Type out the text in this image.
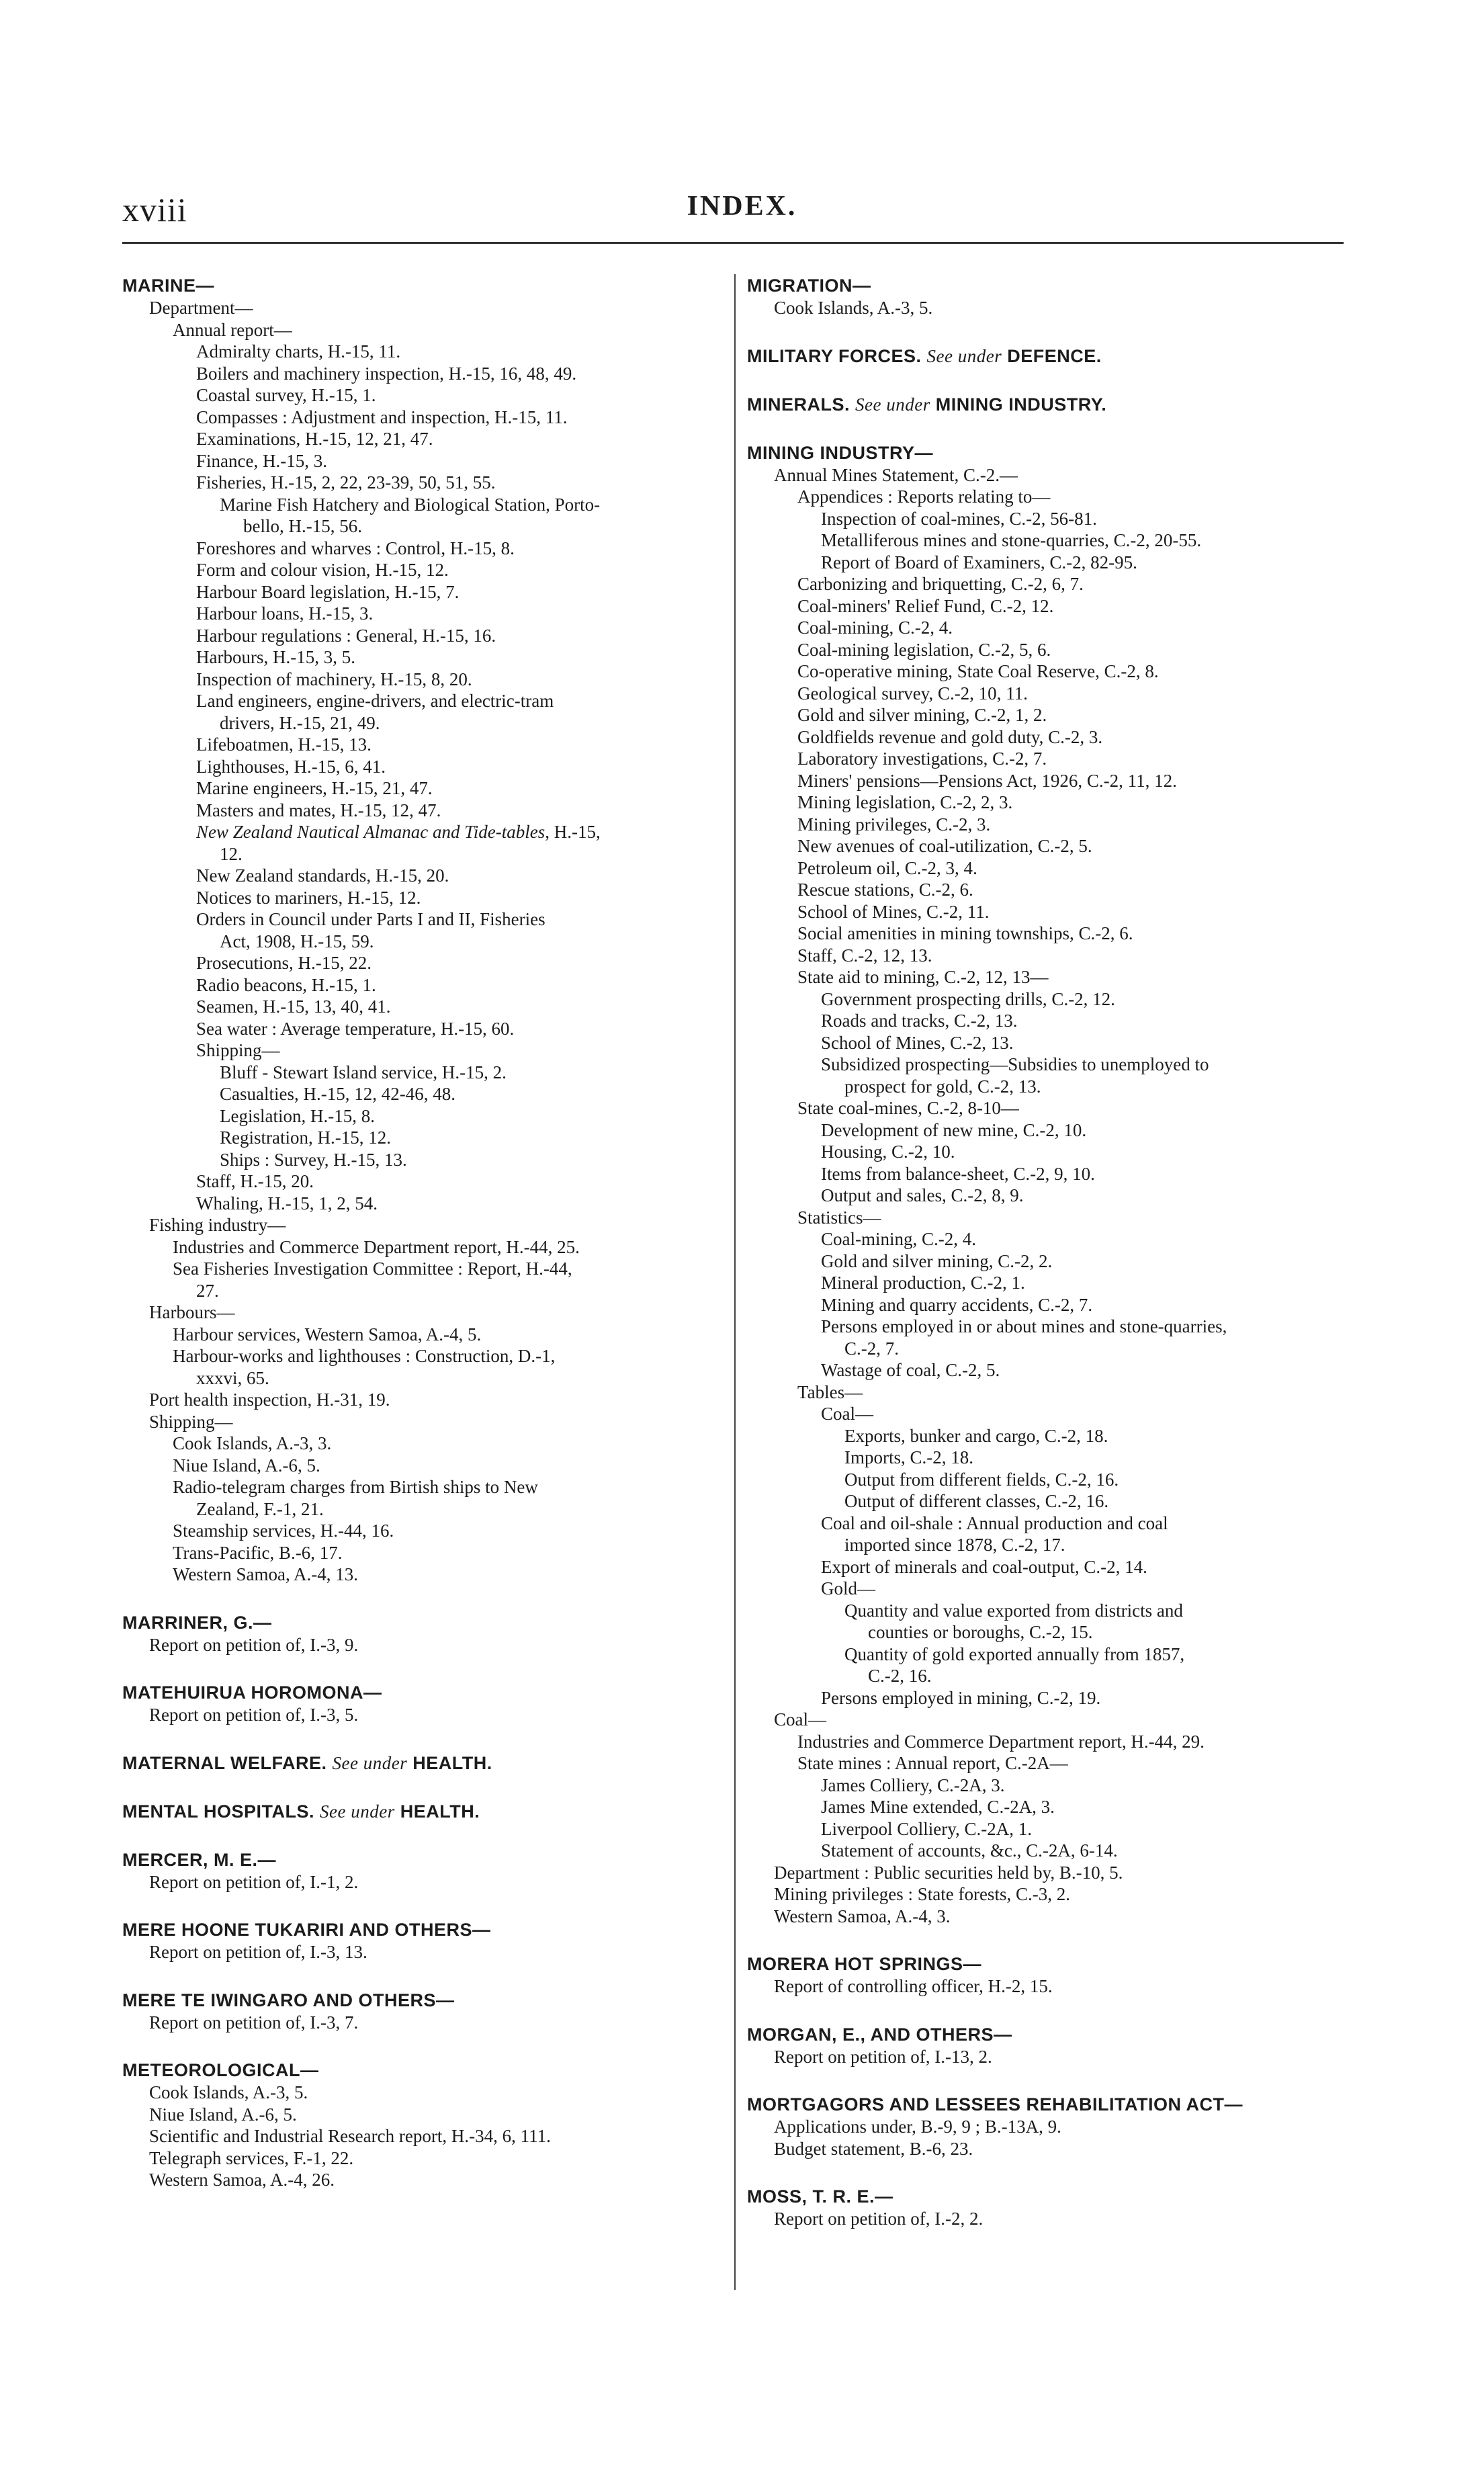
xviii	INDEX.
MARINE—
Department—
Annual report—
Admiralty charts, H.-15, 11.
Boilers and machinery inspection, H.-15, 16, 48, 49.
Coastal survey, H.-15, 1.
Compasses : Adjustment and inspection, H.-15, 11.
Examinations, H.-15, 12, 21, 47.
Finance, H.-15, 3.
Fisheries, H.-15, 2, 22, 23-39, 50, 51, 55.
Marine Fish Hatchery and Biological Station, Porto-
bello, H.-15, 56.
Foreshores and wharves : Control, H.-15, 8.
Form and colour vision, H.-15, 12.
Harbour Board legislation, H.-15, 7.
Harbour loans, H.-15, 3.
Harbour regulations : General, H.-15, 16.
Harbours, H.-15, 3, 5.
Inspection of machinery, H.-15, 8, 20.
Land engineers, engine-drivers, and electric-tram
drivers, H.-15, 21, 49.
Lifeboatmen, H.-15, 13.
Lighthouses, H.-15, 6, 41.
Marine engineers, H.-15, 21, 47.
Masters and mates, H.-15, 12, 47.
New Zealand Nautical Almanac and Tide-tables, H.-15,
12.
New Zealand standards, H.-15, 20.
Notices to mariners, H.-15, 12.
Orders in Council under Parts I and II, Fisheries
Act, 1908, H.-15, 59.
Prosecutions, H.-15, 22.
Radio beacons, H.-15, 1.
Seamen, H.-15, 13, 40, 41.
Sea water : Average temperature, H.-15, 60.
Shipping—
Bluff - Stewart Island service, H.-15, 2.
Casualties, H.-15, 12, 42-46, 48.
Legislation, H.-15, 8.
Registration, H.-15, 12.
Ships : Survey, H.-15, 13.
Staff, H.-15, 20.
Whaling, H.-15, 1, 2, 54.
Fishing industry—
Industries and Commerce Department report, H.-44, 25.
Sea Fisheries Investigation Committee : Report, H.-44,
27.
Harbours—
Harbour services, Western Samoa, A.-4, 5.
Harbour-works and lighthouses : Construction, D.-1,
xxxvi, 65.
Port health inspection, H.-31, 19.
Shipping—
Cook Islands, A.-3, 3.
Niue Island, A.-6, 5.
Radio-telegram charges from Birtish ships to New
Zealand, F.-1, 21.
Steamship services, H.-44, 16.
Trans-Pacific, B.-6, 17.
Western Samoa, A.-4, 13.
MARRINER, G.—
Report on petition of, I.-3, 9.
MATEHUIRUA HOROMONA—
Report on petition of, I.-3, 5.
MATERNAL WELFARE. See under HEALTH.
MENTAL HOSPITALS. See under HEALTH.
MERCER, M. E.—
Report on petition of, I.-1, 2.
MERE HOONE TUKARIRI AND OTHERS—
Report on petition of, I.-3, 13.
MERE TE IWINGARO AND OTHERS—
Report on petition of, I.-3, 7.
METEOROLOGICAL—
Cook Islands, A.-3, 5.
Niue Island, A.-6, 5.
Scientific and Industrial Research report, H.-34, 6, 111.
Telegraph services, F.-1, 22.
Western Samoa, A.-4, 26.
MIGRATION—
Cook Islands, A.-3, 5.
MILITARY FORCES. See under DEFENCE.
MINERALS. See under MINING INDUSTRY.
MINING INDUSTRY—
Annual Mines Statement, C.-2.—
Appendices : Reports relating to—
Inspection of coal-mines, C.-2, 56-81.
Metalliferous mines and stone-quarries, C.-2, 20-55.
Report of Board of Examiners, C.-2, 82-95.
Carbonizing and briquetting, C.-2, 6, 7.
Coal-miners' Relief Fund, C.-2, 12.
Coal-mining, C.-2, 4.
Coal-mining legislation, C.-2, 5, 6.
Co-operative mining, State Coal Reserve, C.-2, 8.
Geological survey, C.-2, 10, 11.
Gold and silver mining, C.-2, 1, 2.
Goldfields revenue and gold duty, C.-2, 3.
Laboratory investigations, C.-2, 7.
Miners' pensions—Pensions Act, 1926, C.-2, 11, 12.
Mining legislation, C.-2, 2, 3.
Mining privileges, C.-2, 3.
New avenues of coal-utilization, C.-2, 5.
Petroleum oil, C.-2, 3, 4.
Rescue stations, C.-2, 6.
School of Mines, C.-2, 11.
Social amenities in mining townships, C.-2, 6.
Staff, C.-2, 12, 13.
State aid to mining, C.-2, 12, 13—
Government prospecting drills, C.-2, 12.
Roads and tracks, C.-2, 13.
School of Mines, C.-2, 13.
Subsidized prospecting—Subsidies to unemployed to
prospect for gold, C.-2, 13.
State coal-mines, C.-2, 8-10—
Development of new mine, C.-2, 10.
Housing, C.-2, 10.
Items from balance-sheet, C.-2, 9, 10.
Output and sales, C.-2, 8, 9.
Statistics—
Coal-mining, C.-2, 4.
Gold and silver mining, C.-2, 2.
Mineral production, C.-2, 1.
Mining and quarry accidents, C.-2, 7.
Persons employed in or about mines and stone-quarries,
C.-2, 7.
Wastage of coal, C.-2, 5.
Tables—
Coal—
Exports, bunker and cargo, C.-2, 18.
Imports, C.-2, 18.
Output from different fields, C.-2, 16.
Output of different classes, C.-2, 16.
Coal and oil-shale : Annual production and coal
imported since 1878, C.-2, 17.
Export of minerals and coal-output, C.-2, 14.
Gold—
Quantity and value exported from districts and
counties or boroughs, C.-2, 15.
Quantity of gold exported annually from 1857,
C.-2, 16.
Persons employed in mining, C.-2, 19.
Coal—
Industries and Commerce Department report, H.-44, 29.
State mines : Annual report, C.-2A—
James Colliery, C.-2A, 3.
James Mine extended, C.-2A, 3.
Liverpool Colliery, C.-2A, 1.
Statement of accounts, &c., C.-2A, 6-14.
Department : Public securities held by, B.-10, 5.
Mining privileges : State forests, C.-3, 2.
Western Samoa, A.-4, 3.
MORERA HOT SPRINGS—
Report of controlling officer, H.-2, 15.
MORGAN, E., AND OTHERS—
Report on petition of, I.-13, 2.
MORTGAGORS AND LESSEES REHABILITATION ACT—
Applications under, B.-9, 9 ; B.-13A, 9.
Budget statement, B.-6, 23.
MOSS, T. R. E.—
Report on petition of, I.-2, 2.
